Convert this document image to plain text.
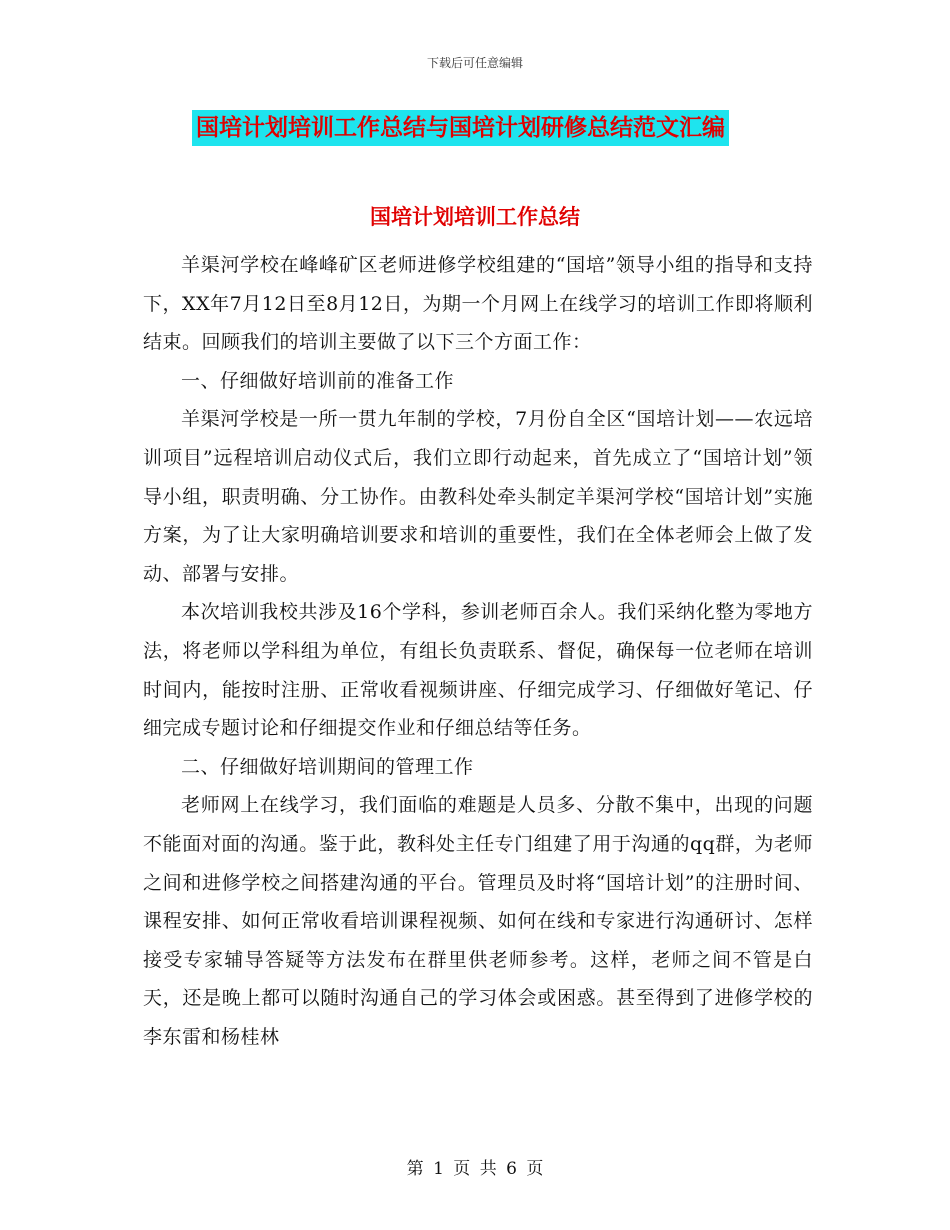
下载后可任意编辑
国培计划培训工作总结与国培计划研修总结范文汇编
国培计划培训工作总结

羊渠河学校在峰峰矿区老师进修学校组建的“国培”领导小组的指导和支持下，XX年7月12日至8月12日，为期一个月网上在线学习的培训工作即将顺利结束。回顾我们的培训主要做了以下三个方面工作：

一、仔细做好培训前的准备工作

羊渠河学校是一所一贯九年制的学校，7月份自全区“国培计划——农远培训项目”远程培训启动仪式后，我们立即行动起来，首先成立了“国培计划”领导小组，职责明确、分工协作。由教科处牵头制定羊渠河学校“国培计划”实施方案，为了让大家明确培训要求和培训的重要性，我们在全体老师会上做了发动、部署与安排。

本次培训我校共涉及16个学科，参训老师百余人。我们采纳化整为零地方法，将老师以学科组为单位，有组长负责联系、督促，确保每一位老师在培训时间内，能按时注册、正常收看视频讲座、仔细完成学习、仔细做好笔记、仔细完成专题讨论和仔细提交作业和仔细总结等任务。

二、仔细做好培训期间的管理工作

老师网上在线学习，我们面临的难题是人员多、分散不集中，出现的问题不能面对面的沟通。鉴于此，教科处主任专门组建了用于沟通的qq群，为老师之间和进修学校之间搭建沟通的平台。管理员及时将“国培计划”的注册时间、课程安排、如何正常收看培训课程视频、如何在线和专家进行沟通研讨、怎样接受专家辅导答疑等方法发布在群里供老师参考。这样，老师之间不管是白天，还是晚上都可以随时沟通自己的学习体会或困惑。甚至得到了进修学校的李东雷和杨桂林

第 1 页 共 6 页
